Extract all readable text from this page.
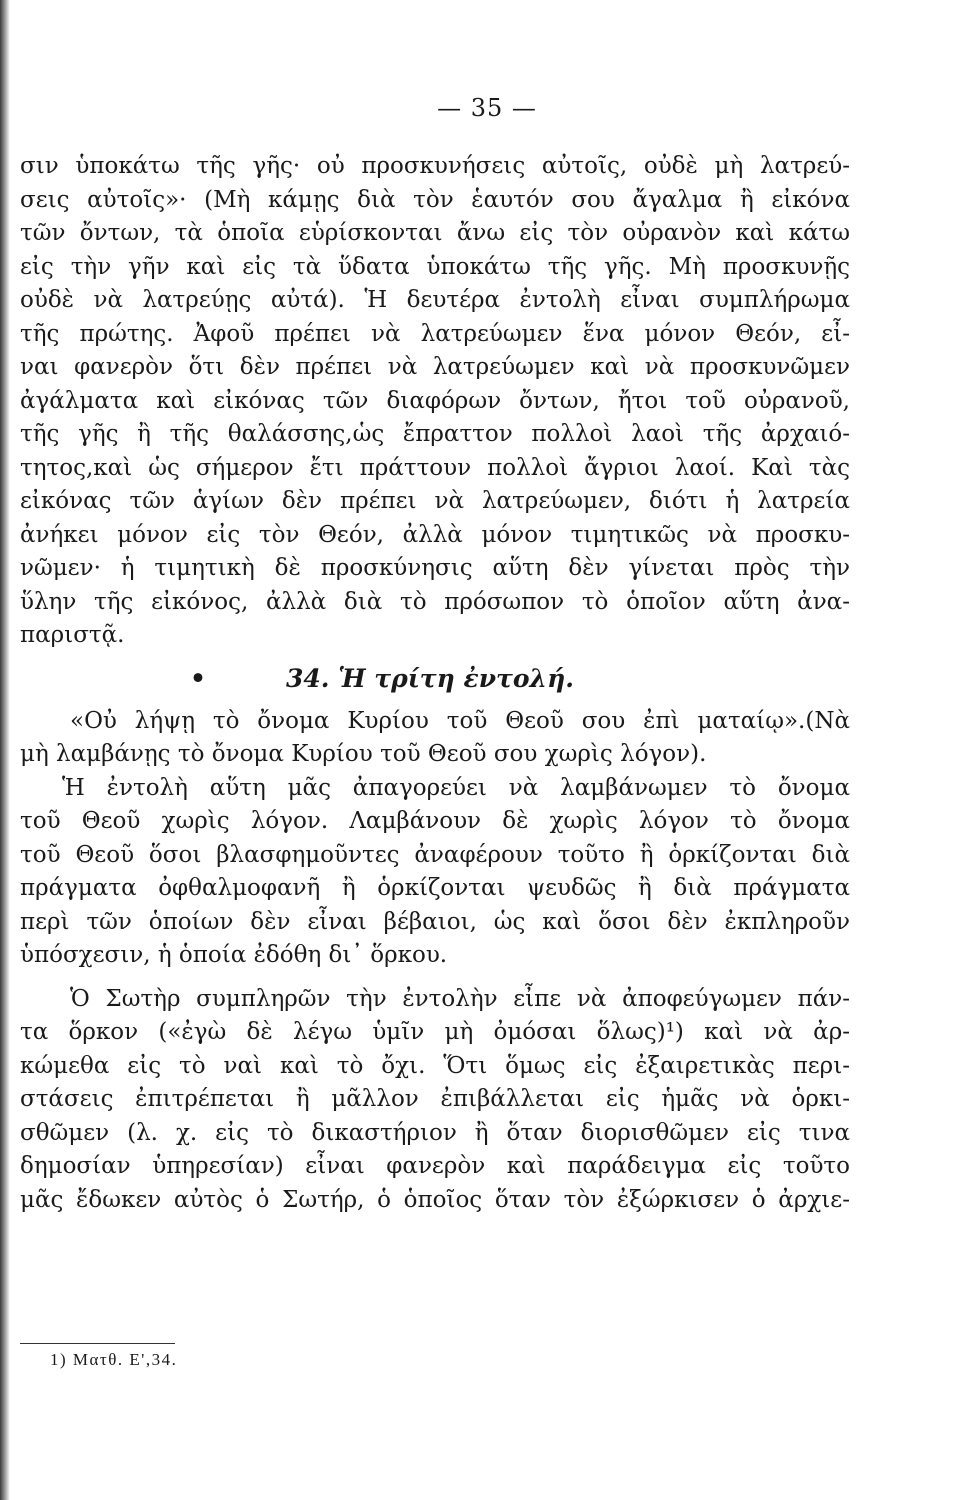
— 35 —
σιν ὑποκάτω τῆς γῆς· οὐ προσκυνήσεις αὐτοῖς, οὐδὲ μὴ λατρεύ-
σεις αὐτοῖς»· (Μὴ κάμῃς διὰ τὸν ἑαυτόν σου ἄγαλμα ἢ εἰκόνα
τῶν ὄντων, τὰ ὁποῖα εὑρίσκονται ἄνω εἰς τὸν οὐρανὸν καὶ κάτω
εἰς τὴν γῆν καὶ εἰς τὰ ὕδατα ὑποκάτω τῆς γῆς. Μὴ προσκυνῇς
οὐδὲ νὰ λατρεύῃς αὐτά). Ἡ δευτέρα ἐντολὴ εἶναι συμπλήρωμα
τῆς πρώτης. Ἀφοῦ πρέπει νὰ λατρεύωμεν ἕνα μόνον Θεόν, εἶ-
ναι φανερὸν ὅτι δὲν πρέπει νὰ λατρεύωμεν καὶ νὰ προσκυνῶμεν
ἀγάλματα καὶ εἰκόνας τῶν διαφόρων ὄντων, ἤτοι τοῦ οὐρανοῦ,
τῆς γῆς ἢ τῆς θαλάσσης,ὡς ἔπραττον πολλοὶ λαοὶ τῆς ἀρχαιό-
τητος,καὶ ὡς σήμερον ἔτι πράττουν πολλοὶ ἄγριοι λαοί. Καὶ τὰς
εἰκόνας τῶν ἁγίων δὲν πρέπει νὰ λατρεύωμεν, διότι ἡ λατρεία
ἀνήκει μόνον εἰς τὸν Θεόν, ἀλλὰ μόνον τιμητικῶς νὰ προσκυ-
νῶμεν· ἡ τιμητικὴ δὲ προσκύνησις αὕτη δὲν γίνεται πρὸς τὴν
ὕλην τῆς εἰκόνος, ἀλλὰ διὰ τὸ πρόσωπον τὸ ὁποῖον αὕτη ἀνα-
παριστᾷ.
•	34. Ἡ τρίτη ἐντολή.
«Οὐ λήψῃ τὸ ὄνομα Κυρίου τοῦ Θεοῦ σου ἐπὶ ματαίῳ».(Νὰ
μὴ λαμβάνῃς τὸ ὄνομα Κυρίου τοῦ Θεοῦ σου χωρὶς λόγον).
Ἡ ἐντολὴ αὕτη μᾶς ἀπαγορεύει νὰ λαμβάνωμεν τὸ ὄνομα
τοῦ Θεοῦ χωρὶς λόγον. Λαμβάνουν δὲ χωρὶς λόγον τὸ ὄνομα
τοῦ Θεοῦ ὅσοι βλασφημοῦντες ἀναφέρουν τοῦτο ἢ ὁρκίζονται διὰ
πράγματα ὀφθαλμοφανῆ ἢ ὁρκίζονται ψευδῶς ἢ διὰ πράγματα
περὶ τῶν ὁποίων δὲν εἶναι βέβαιοι, ὡς καὶ ὅσοι δὲν ἐκπληροῦν
ὑπόσχεσιν, ἡ ὁποία ἐδόθη δι᾽ ὅρκου.
Ὁ Σωτὴρ συμπληρῶν τὴν ἐντολὴν εἶπε νὰ ἀποφεύγωμεν πάν-
τα ὅρκον («ἐγὼ δὲ λέγω ὑμῖν μὴ ὀμόσαι ὅλως)¹) καὶ νὰ ἀρ-
κώμεθα εἰς τὸ ναὶ καὶ τὸ ὄχι. Ὅτι ὅμως εἰς ἐξαιρετικὰς περι-
στάσεις ἐπιτρέπεται ἢ μᾶλλον ἐπιβάλλεται εἰς ἡμᾶς νὰ ὁρκι-
σθῶμεν (λ. χ. εἰς τὸ δικαστήριον ἢ ὅταν διορισθῶμεν εἰς τινα
δημοσίαν ὑπηρεσίαν) εἶναι φανερὸν καὶ παράδειγμα εἰς τοῦτο
μᾶς ἔδωκεν αὐτὸς ὁ Σωτήρ, ὁ ὁποῖος ὅταν τὸν ἐξώρκισεν ὁ ἀρχιε-
1) Ματθ. Ε',34.
